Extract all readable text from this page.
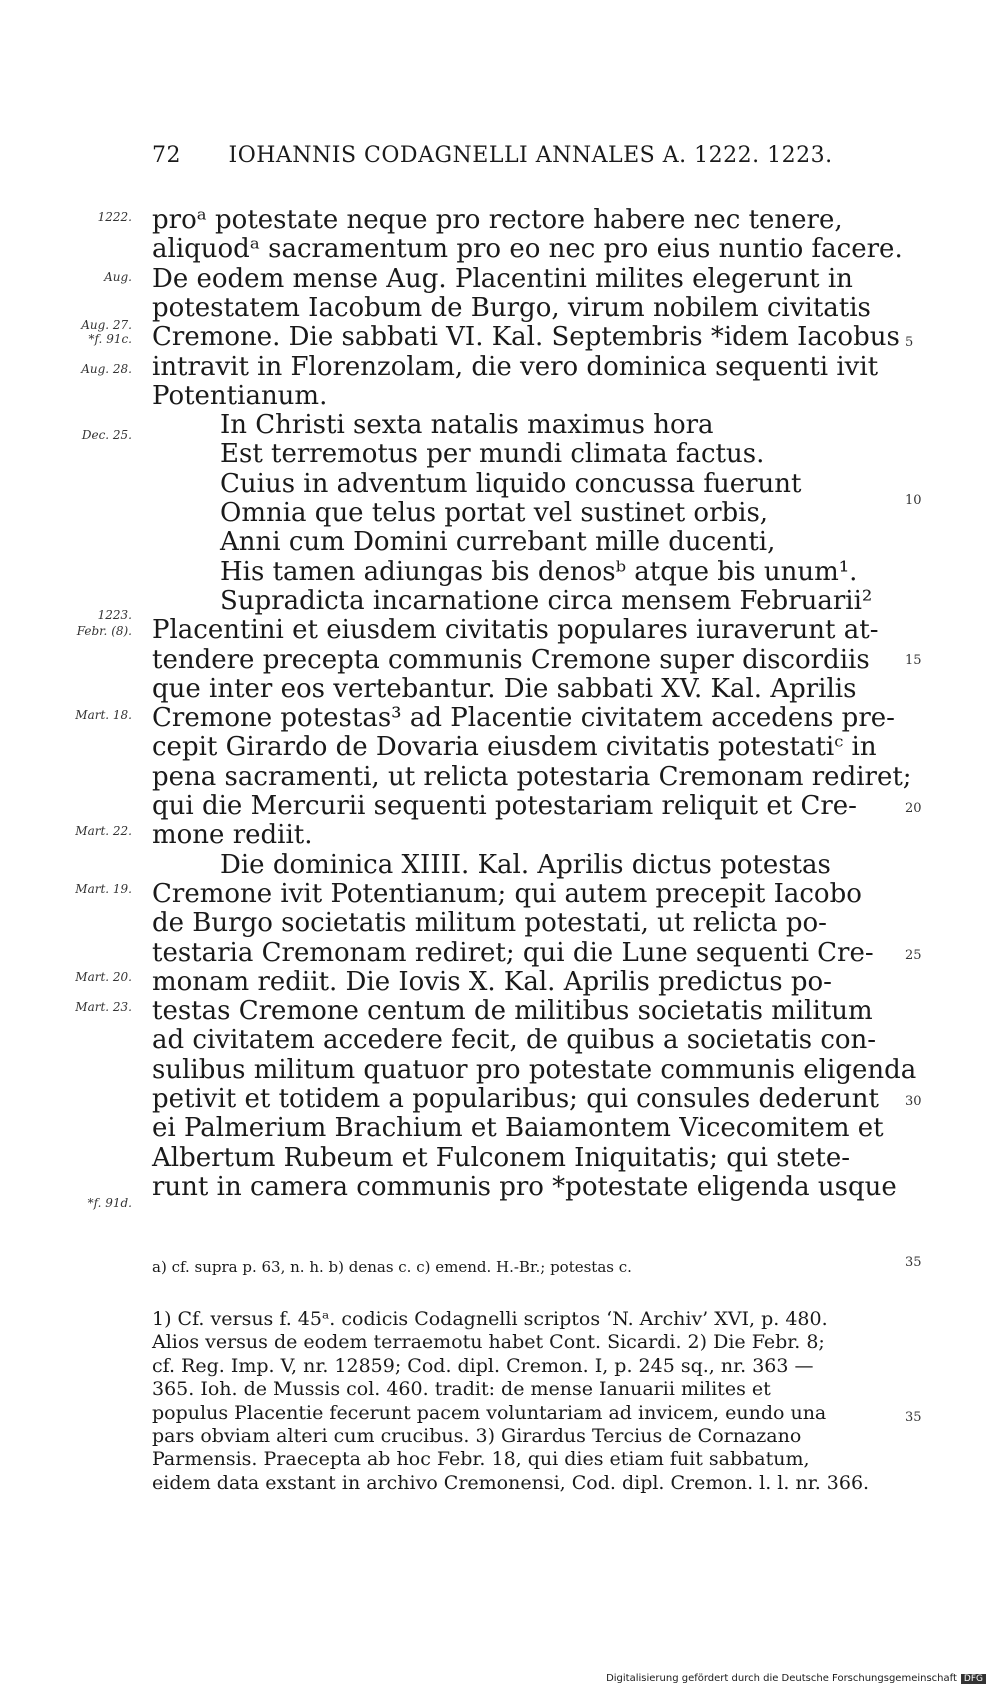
72 IOHANNIS CODAGNELLI ANNALES A. 1222. 1223.
1222.
Aug.
Aug. 27.
*f. 91c.
Aug. 28.
Dec. 25.
1223.
Febr. (8).
Mart. 18.
Mart. 22.
Mart. 19.
Mart. 20.
Mart. 23.
*f. 91d.
proᵃ potestate neque pro rectore habere nec tenere,
aliquodᵃ sacramentum pro eo nec pro eius nuntio facere.
De eodem mense Aug. Placentini milites elegerunt in
potestatem Iacobum de Burgo, virum nobilem civitatis
Cremone. Die sabbati VI. Kal. Septembris *idem Iacobus
intravit in Florenzolam, die vero dominica sequenti ivit
Potentianum.
In Christi sexta natalis maximus hora
Est terremotus per mundi climata factus.
Cuius in adventum liquido concussa fuerunt
Omnia que telus portat vel sustinet orbis,
Anni cum Domini currebant mille ducenti,
His tamen adiungas bis denosᵇ atque bis unum¹.
Supradicta incarnatione circa mensem Februarii²
Placentini et eiusdem civitatis populares iuraverunt at-
tendere precepta communis Cremone super discordiis
que inter eos vertebantur. Die sabbati XV. Kal. Aprilis
Cremone potestas³ ad Placentie civitatem accedens pre-
cepit Girardo de Dovaria eiusdem civitatis potestatiᶜ in
pena sacramenti, ut relicta potestaria Cremonam rediret;
qui die Mercurii sequenti potestariam reliquit et Cre-
mone rediit.
Die dominica XIIII. Kal. Aprilis dictus potestas
Cremone ivit Potentianum; qui autem precepit Iacobo
de Burgo societatis militum potestati, ut relicta po-
testaria Cremonam rediret; qui die Lune sequenti Cre-
monam rediit. Die Iovis X. Kal. Aprilis predictus po-
testas Cremone centum de militibus societatis militum
ad civitatem accedere fecit, de quibus a societatis con-
sulibus militum quatuor pro potestate communis eligenda
petivit et totidem a popularibus; qui consules dederunt
ei Palmerium Brachium et Baiamontem Vicecomitem et
Albertum Rubeum et Fulconem Iniquitatis; qui stete-
runt in camera communis pro *potestate eligenda usque
5
10
15
20
25
30
35
35
a) cf. supra p. 63, n. h. b) denas c. c) emend. H.-Br.; potestas c.
1) Cf. versus f. 45ᵃ. codicis Codagnelli scriptos ‘N. Archiv’ XVI, p. 480.
Alios versus de eodem terraemotu habet Cont. Sicardi. 2) Die Febr. 8;
cf. Reg. Imp. V, nr. 12859; Cod. dipl. Cremon. I, p. 245 sq., nr. 363 —
365. Ioh. de Mussis col. 460. tradit: de mense Ianuarii milites et
populus Placentie fecerunt pacem voluntariam ad invicem, eundo una
pars obviam alteri cum crucibus. 3) Girardus Tercius de Cornazano
Parmensis. Praecepta ab hoc Febr. 18, qui dies etiam fuit sabbatum,
eidem data exstant in archivo Cremonensi, Cod. dipl. Cremon. l. l. nr. 366.
Digitalisierung gefördert durch die Deutsche Forschungsgemeinschaft DFG
